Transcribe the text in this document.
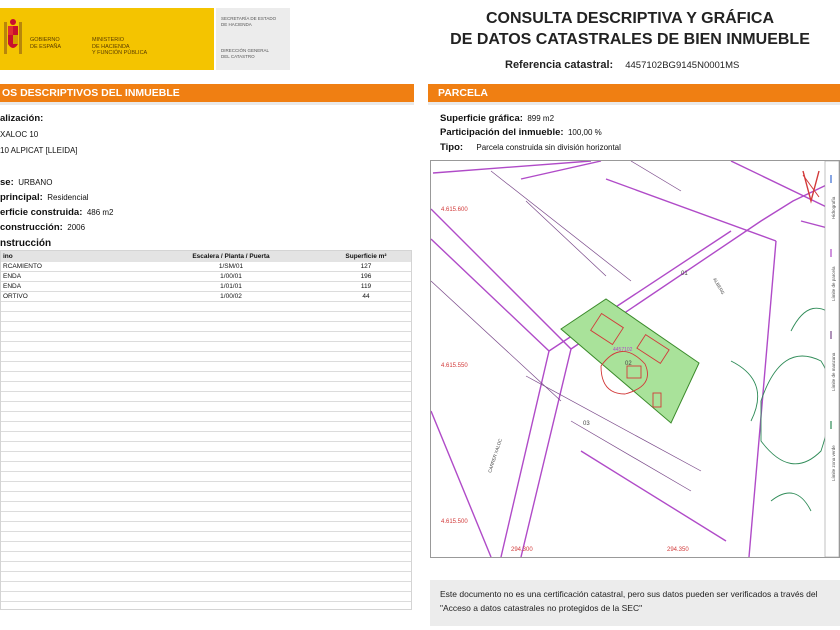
GOBIERNO
DE ESPAÑA
MINISTERIO
DE HACIENDA
Y FUNCIÓN PÚBLICA
SECRETARÍA DE ESTADO
DE HACIENDA
DIRECCIÓN GENERAL
DEL CATASTRO
CONSULTA DESCRIPTIVA Y GRÁFICA
DE DATOS CATASTRALES DE BIEN INMUEBLE
Referencia catastral: 4457102BG9145N0001MS
OS DESCRIPTIVOS DEL INMUEBLE	PARCELA
alización:
XALOC 10
10 ALPICAT [LLEIDA]
se: URBANO
principal: Residencial
erficie construida: 486 m2
construcción: 2006
nstrucción
ino	Escalera / Planta / Puerta	Superficie m²
RCAMIENTO	1/SM/01	127
ENDA	1/00/01	196
ENDA	1/01/01	119
ORTIVO	1/00/02	44
Superficie gráfica: 899 m2
Participación del inmueble: 100,00 %
Tipo: Parcela construida sin división horizontal
Hidrografía
Límite de parcela
Límite de manzana
Límite zona verde
01
02
03
4457102
CARRER XALOC
ALBERG
4.615.600
4.615.550
4.615.500
294.300	294.350
Este documento no es una certificación catastral, pero sus datos pueden ser verificados a través del "Acceso a datos catastrales no protegidos de la SEC"
